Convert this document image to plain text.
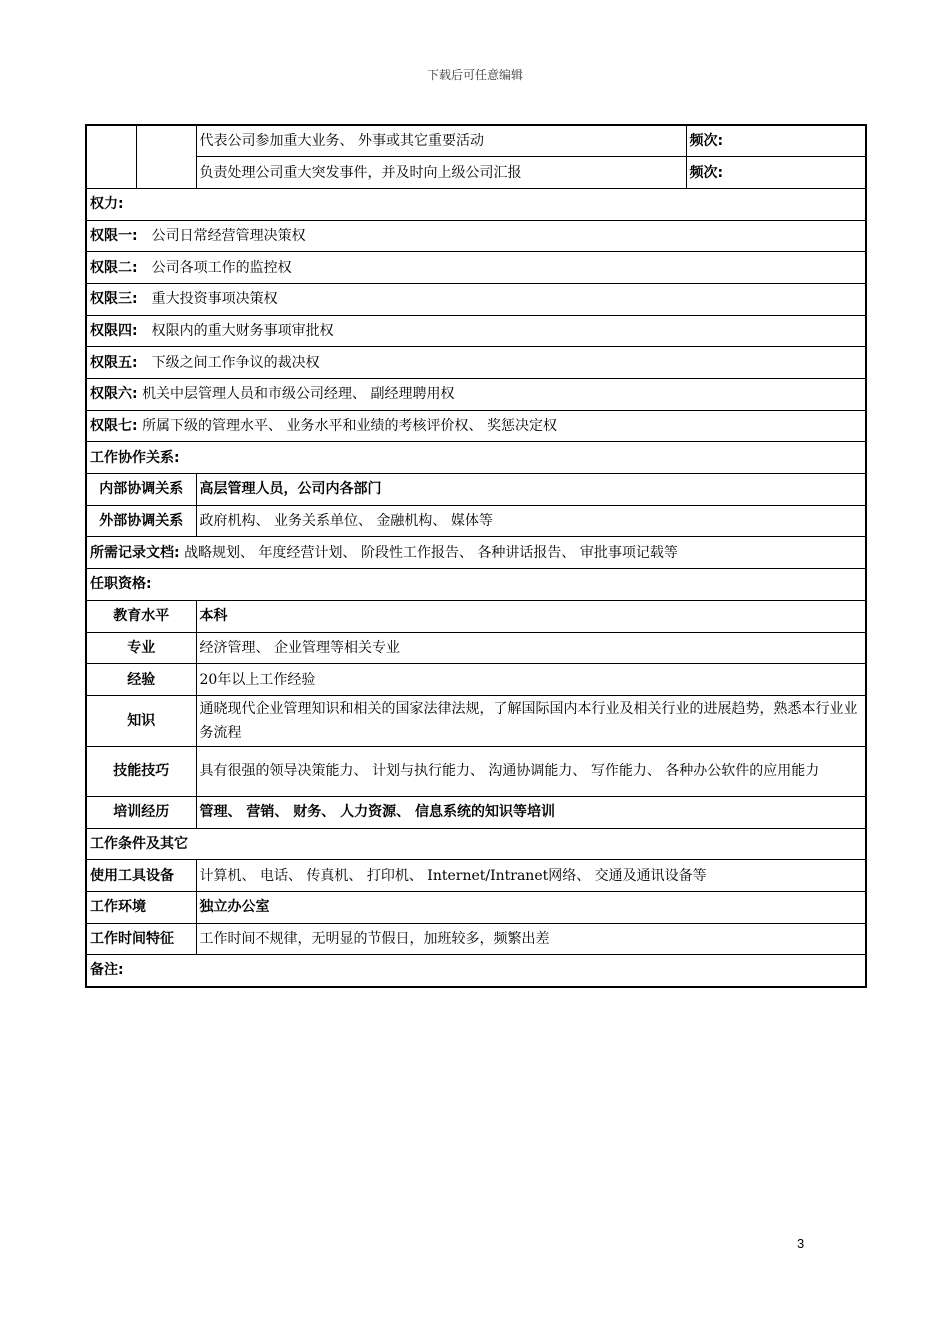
下载后可任意编辑
		代表公司参加重大业务、 外事或其它重要活动	频次:
		负责处理公司重大突发事件，并及时向上级公司汇报	频次:
权力:			
权限一: 公司日常经营管理决策权			
权限二: 公司各项工作的监控权			
权限三: 重大投资事项决策权			
权限四: 权限内的重大财务事项审批权			
权限五: 下级之间工作争议的裁决权			
权限六: 机关中层管理人员和市级公司经理、 副经理聘用权			
权限七: 所属下级的管理水平、 业务水平和业绩的考核评价权、 奖惩决定权			
工作协作关系:			
内部协调关系		高层管理人员，公司内各部门	
外部协调关系		政府机构、 业务关系单位、 金融机构、 媒体等	
所需记录文档: 战略规划、 年度经营计划、 阶段性工作报告、 各种讲话报告、 审批事项记载等			
任职资格:			
教育水平		本科	
专业		经济管理、 企业管理等相关专业	
经验		20年以上工作经验	
知识		通晓现代企业管理知识和相关的国家法律法规，了解国际国内本行业及相关行业的进展趋势，熟悉本行业业务流程	
技能技巧		具有很强的领导决策能力、 计划与执行能力、 沟通协调能力、 写作能力、 各种办公软件的应用能力	
培训经历		管理、 营销、 财务、 人力资源、 信息系统的知识等培训	
工作条件及其它			
使用工具设备		计算机、 电话、 传真机、 打印机、 Internet/Intranet网络、 交通及通讯设备等	
工作环境		独立办公室	
工作时间特征		工作时间不规律，无明显的节假日，加班较多，频繁出差	
备注:			
3
